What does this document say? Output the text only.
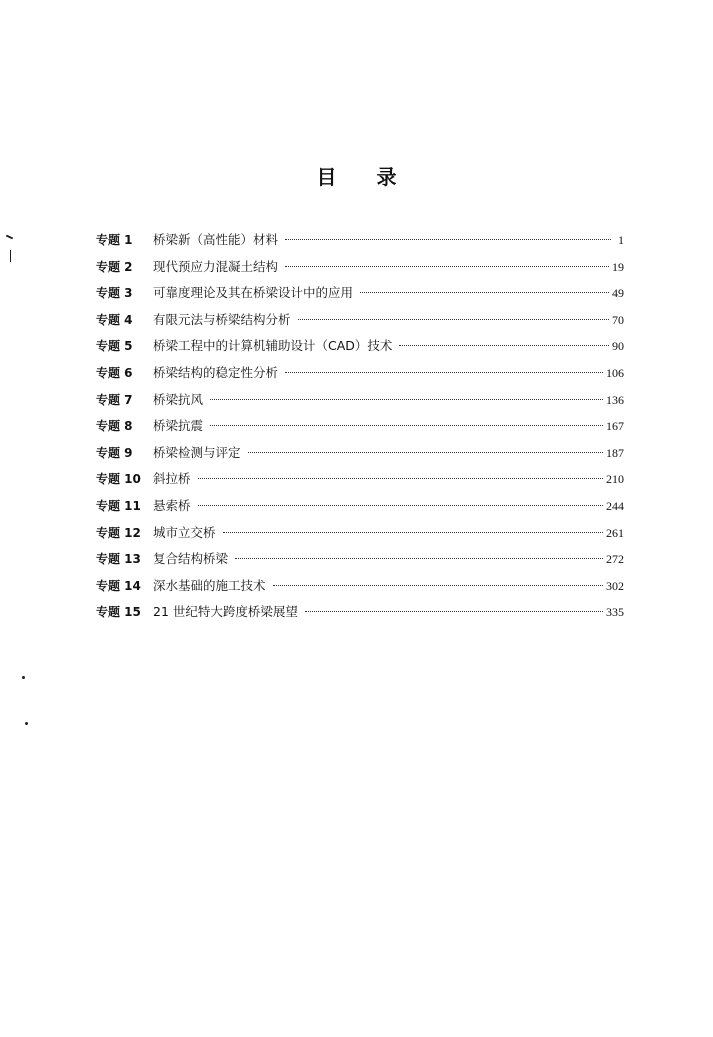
目 录
专题 1	桥梁新（高性能）材料	1
专题 2	现代预应力混凝土结构	19
专题 3	可靠度理论及其在桥梁设计中的应用	49
专题 4	有限元法与桥梁结构分析	70
专题 5	桥梁工程中的计算机辅助设计（CAD）技术	90
专题 6	桥梁结构的稳定性分析	106
专题 7	桥梁抗风	136
专题 8	桥梁抗震	167
专题 9	桥梁检测与评定	187
专题 10 斜拉桥	210
专题 11 悬索桥	244
专题 12 城市立交桥	261
专题 13 复合结构桥梁	272
专题 14 深水基础的施工技术	302
专题 15 21 世纪特大跨度桥梁展望	335
